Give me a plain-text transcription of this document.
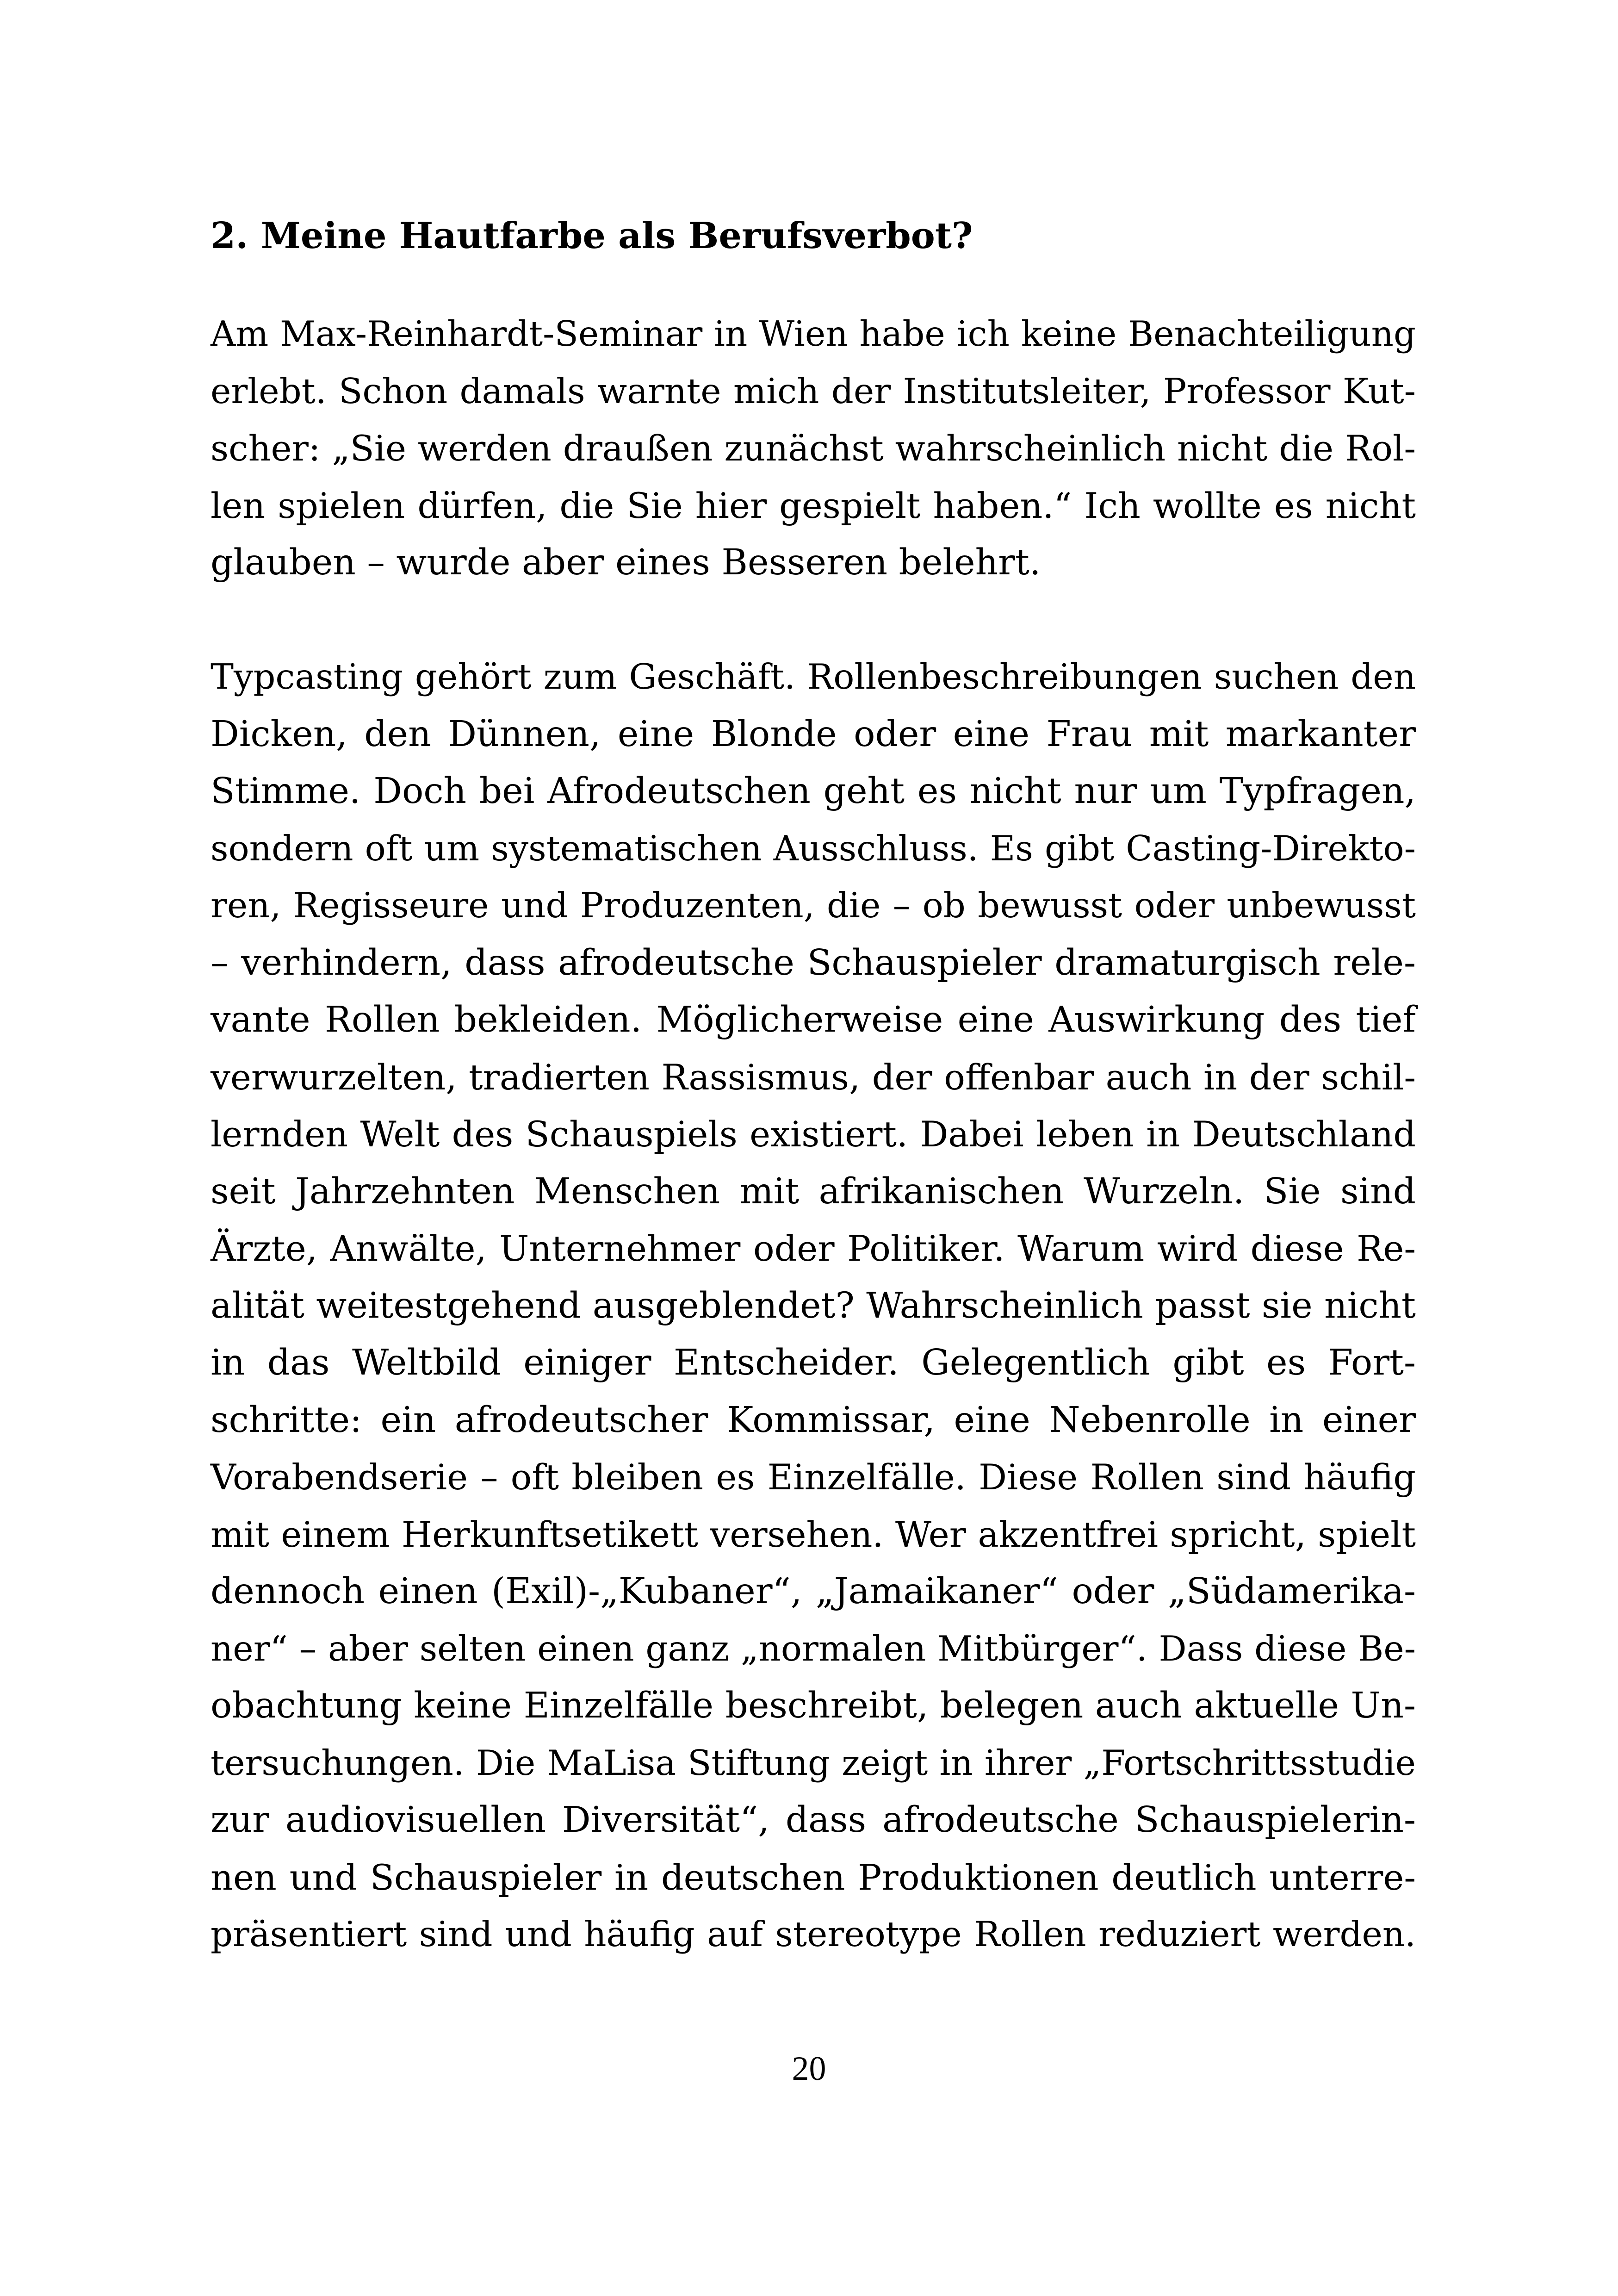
2. Meine Hautfarbe als Berufsverbot?
Am Max-Reinhardt-Seminar in Wien habe ich keine Benachteiligung
erlebt. Schon damals warnte mich der Institutsleiter, Professor Kut-
scher: „Sie werden draußen zunächst wahrscheinlich nicht die Rol-
len spielen dürfen, die Sie hier gespielt haben.“ Ich wollte es nicht
glauben – wurde aber eines Besseren belehrt.
Typcasting gehört zum Geschäft. Rollenbeschreibungen suchen den
Dicken, den Dünnen, eine Blonde oder eine Frau mit markanter
Stimme. Doch bei Afrodeutschen geht es nicht nur um Typfragen,
sondern oft um systematischen Ausschluss. Es gibt Casting-Direkto-
ren, Regisseure und Produzenten, die – ob bewusst oder unbewusst
– verhindern, dass afrodeutsche Schauspieler dramaturgisch rele-
vante Rollen bekleiden. Möglicherweise eine Auswirkung des tief
verwurzelten, tradierten Rassismus, der offenbar auch in der schil-
lernden Welt des Schauspiels existiert. Dabei leben in Deutschland
seit Jahrzehnten Menschen mit afrikanischen Wurzeln. Sie sind
Ärzte, Anwälte, Unternehmer oder Politiker. Warum wird diese Re-
alität weitestgehend ausgeblendet? Wahrscheinlich passt sie nicht
in das Weltbild einiger Entscheider. Gelegentlich gibt es Fort-
schritte: ein afrodeutscher Kommissar, eine Nebenrolle in einer
Vorabendserie – oft bleiben es Einzelfälle. Diese Rollen sind häufig
mit einem Herkunftsetikett versehen. Wer akzentfrei spricht, spielt
dennoch einen (Exil)-„Kubaner“, „Jamaikaner“ oder „Südamerika-
ner“ – aber selten einen ganz „normalen Mitbürger“. Dass diese Be-
obachtung keine Einzelfälle beschreibt, belegen auch aktuelle Un-
tersuchungen. Die MaLisa Stiftung zeigt in ihrer „Fortschrittsstudie
zur audiovisuellen Diversität“, dass afrodeutsche Schauspielerin-
nen und Schauspieler in deutschen Produktionen deutlich unterre-
präsentiert sind und häufig auf stereotype Rollen reduziert werden.
20
